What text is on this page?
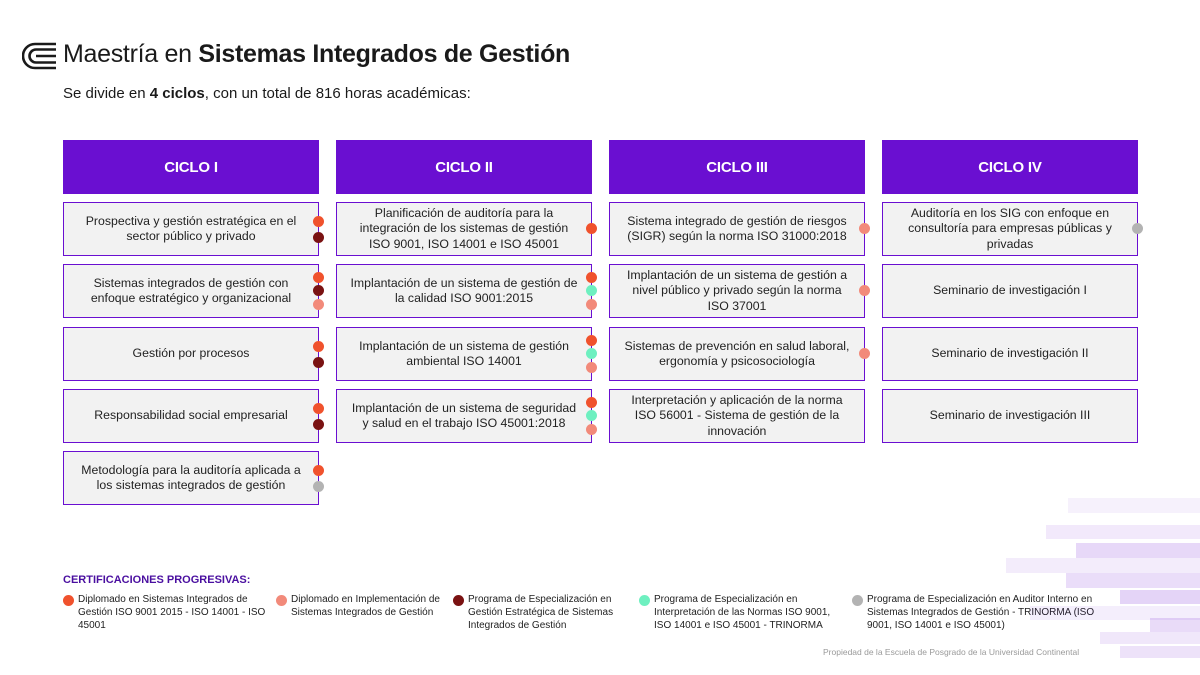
Maestría en Sistemas Integrados de Gestión
Se divide en 4 ciclos, con un total de 816 horas académicas:
CICLO I
Prospectiva y gestión estratégica en el sector público y privado
Sistemas integrados de gestión con enfoque estratégico y organizacional
Gestión por procesos
Responsabilidad social empresarial
Metodología para la auditoría aplicada a los sistemas integrados de gestión
CICLO II
Planificación de auditoría para la integración de los sistemas de gestión ISO 9001, ISO 14001 e ISO 45001
Implantación de un sistema de gestión de la calidad ISO 9001:2015
Implantación de un sistema de gestión ambiental ISO 14001
Implantación de un sistema de seguridad y salud en el trabajo ISO 45001:2018
CICLO III
Sistema integrado de gestión de riesgos (SIGR) según la norma ISO 31000:2018
Implantación de un sistema de gestión a nivel público y privado según la norma ISO 37001
Sistemas de prevención en salud laboral, ergonomía y psicosociología
Interpretación y aplicación de la norma ISO 56001 - Sistema de gestión de la innovación
CICLO IV
Auditoría en los SIG con enfoque en consultoría para empresas públicas y privadas
Seminario de investigación I
Seminario de investigación II
Seminario de investigación III
CERTIFICACIONES PROGRESIVAS:
Diplomado en Sistemas Integrados de Gestión ISO 9001 2015 - ISO 14001 - ISO 45001
Diplomado en Implementación de Sistemas Integrados de Gestión
Programa de Especialización en Gestión Estratégica de Sistemas Integrados de Gestión
Programa de Especialización en Interpretación de las Normas ISO 9001, ISO 14001 e ISO 45001 - TRINORMA
Programa de Especialización en Auditor Interno en Sistemas Integrados de Gestión - TRINORMA (ISO 9001, ISO 14001 e ISO 45001)
Propiedad de la Escuela de Posgrado de la Universidad Continental
